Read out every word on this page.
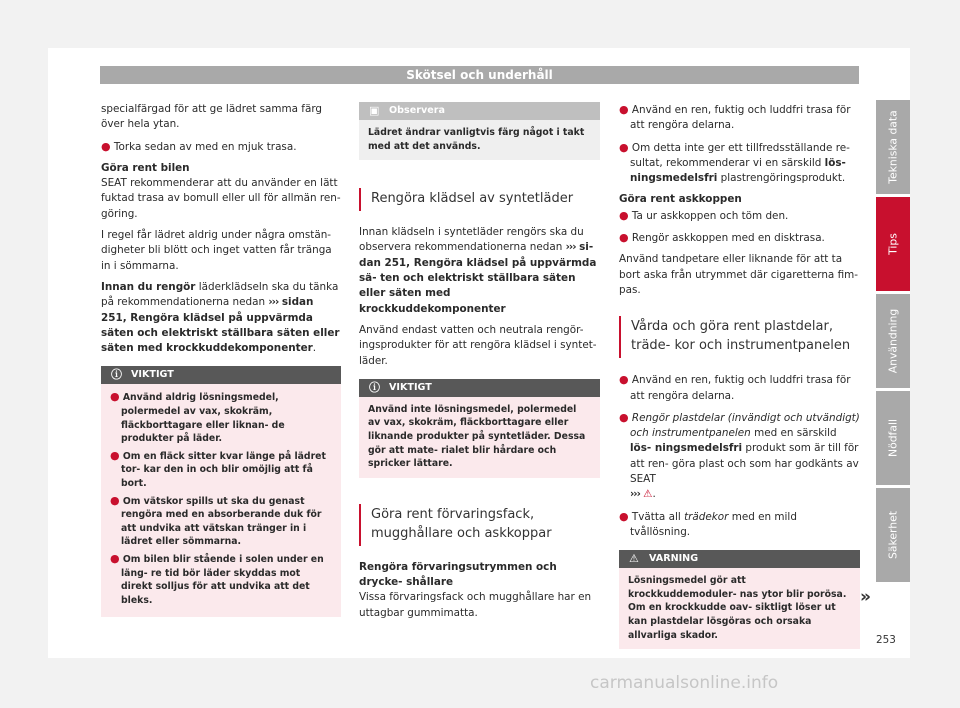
Skötsel och underhåll

specialfärgad för att ge lädret samma färg över hela ytan.

● Torka sedan av med en mjuk trasa.

Göra rent bilen

SEAT rekommenderar att du använder en lätt fuktad trasa av bomull eller ull för allmän ren- göring.

I regel får lädret aldrig under några omstän- digheter bli blött och inget vatten får tränga in i sömmarna.

Innan du rengör läderklädseln ska du tänka på rekommendationerna nedan ››› sidan 251, Rengöra klädsel på uppvärmda säten och elektriskt ställbara säten eller säten med krockkuddekomponenter.

ⓘ VIKTIGT

● Använd aldrig lösningsmedel, polermedel av vax, skokräm, fläckborttagare eller liknan- de produkter på läder.

● Om en fläck sitter kvar länge på lädret tor- kar den in och blir omöjlig att få bort.

● Om vätskor spills ut ska du genast rengöra med en absorberande duk för att undvika att vätskan tränger in i lädret eller sömmarna.

● Om bilen blir stående i solen under en läng- re tid bör läder skyddas mot direkt solljus för att undvika att det bleks.

▣ Observera
Lädret ändrar vanligtvis färg något i takt med att det används.
Rengöra klädsel av syntetläder

Innan klädseln i syntetläder rengörs ska du observera rekommendationerna nedan ››› si- dan 251, Rengöra klädsel på uppvärmda sä- ten och elektriskt ställbara säten eller säten med krockkuddekomponenter

Använd endast vatten och neutrala rengör- ingsprodukter för att rengöra klädsel i syntet- läder.

ⓘ VIKTIGT
Använd inte lösningsmedel, polermedel av vax, skokräm, fläckborttagare eller liknande produkter på syntetläder. Dessa gör att mate- rialet blir hårdare och spricker lättare.
Göra rent förvaringsfack, mugghållare och askkoppar

Rengöra förvaringsutrymmen och drycke- shållare

Vissa förvaringsfack och mugghållare har en uttagbar gummimatta.

● Använd en ren, fuktig och luddfri trasa för att rengöra delarna.

● Om detta inte ger ett tillfredsställande re- sultat, rekommenderar vi en särskild lös- ningsmedelsfri plastrengöringsprodukt.

Göra rent askkoppen

● Ta ur askkoppen och töm den.

● Rengör askkoppen med en disktrasa.

Använd tandpetare eller liknande för att ta bort aska från utrymmet där cigaretterna fim- pas.

Vårda och göra rent plastdelar, träde- kor och instrumentpanelen

● Använd en ren, fuktig och luddfri trasa för att rengöra delarna.

● Rengör plastdelar (invändigt och utvändigt) och instrumentpanelen med en särskild lös- ningsmedelsfri produkt som är till för att ren- göra plast och som har godkänts av SEAT
››› ⚠.

● Tvätta all trädekor med en mild tvållösning.

⚠ VARNING
Lösningsmedel gör att krockkuddemoduler- nas ytor blir porösa. Om en krockkudde oav- siktligt löser ut kan plastdelar lösgöras och orsaka allvarliga skador.
Tekniska data
Tips
Användning
Nödfall
Säkerhet
»
253
carmanualsonline.info
